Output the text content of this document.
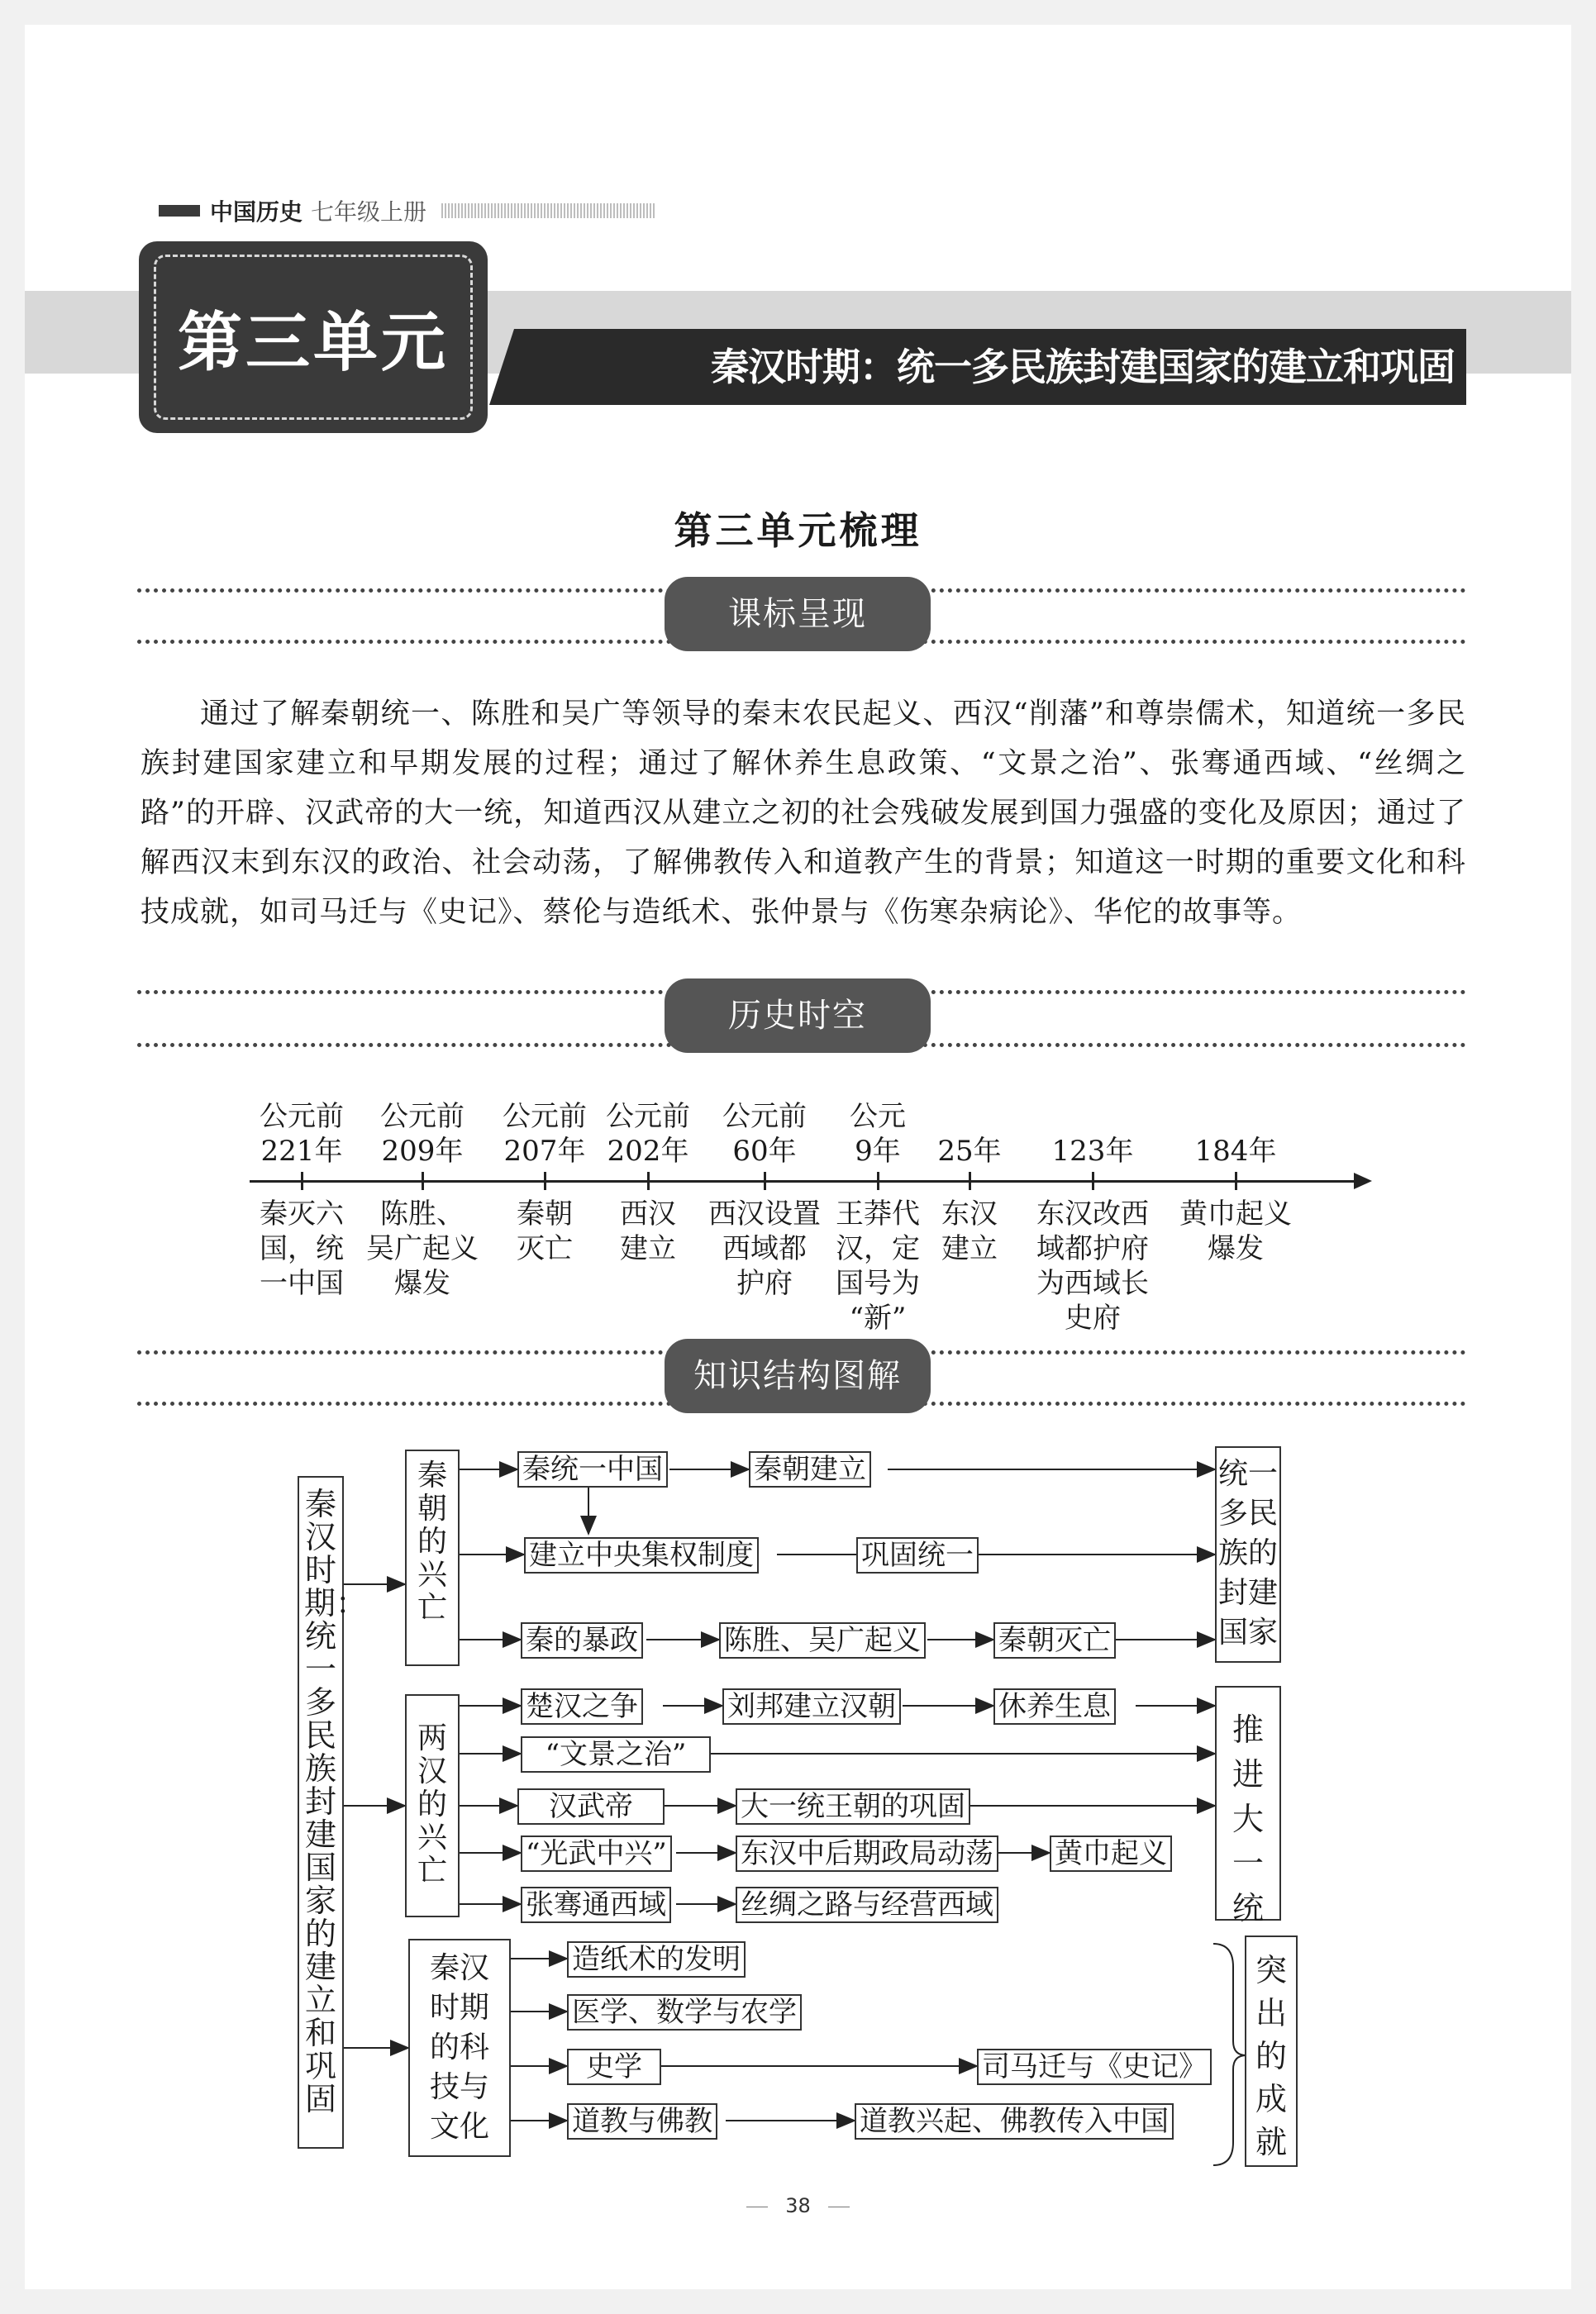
中国历史 七年级上册
秦汉时期：统一多民族封建国家的建立和巩固
第三单元
第三单元梳理
课标呈现

通过了解秦朝统一、陈胜和吴广等领导的秦末农民起义、西汉“削藩”和尊崇儒术，知道统一多民族封建国家建立和早期发展的过程；通过了解休养生息政策、“文景之治”、张骞通西域、“丝绸之路”的开辟、汉武帝的大一统，知道西汉从建立之初的社会残破发展到国力强盛的变化及原因；通过了解西汉末到东汉的政治、社会动荡，了解佛教传入和道教产生的背景；知道这一时期的重要文化和科技成就，如司马迁与《史记》、蔡伦与造纸术、张仲景与《伤寒杂病论》、华佗的故事等。

历史时空
公元前
221年
秦灭六
国，统
一中国
公元前
209年
陈胜、
吴广起义
爆发
公元前
207年
秦朝
灭亡
公元前
202年
西汉
建立
公元前
60年
西汉设置
西域都
护府
公元
9年
王莽代
汉，定
国号为
“新”
25年
东汉
建立
123年
东汉改西
域都护府
为西域长
史府
184年
黄巾起义
爆发
知识结构图解
秦汉时期：统一多民族封建国家的建立和巩固
秦朝的兴亡
两汉的兴亡
秦汉时期的科技与文化
秦统一中国	秦朝建立
建立中央集权制度	巩固统一
秦的暴政	陈胜、吴广起义	秦朝灭亡
楚汉之争	刘邦建立汉朝	休养生息
“文景之治”
汉武帝	大一统王朝的巩固
“光武中兴”	东汉中后期政局动荡 黄巾起义
张骞通西域	丝绸之路与经营西域
造纸术的发明
医学、数学与农学
史学	司马迁与《史记》
道教与佛教	道教兴起、佛教传入中国
统一多民族的封建国家
推进大一统
突出的成就
38
